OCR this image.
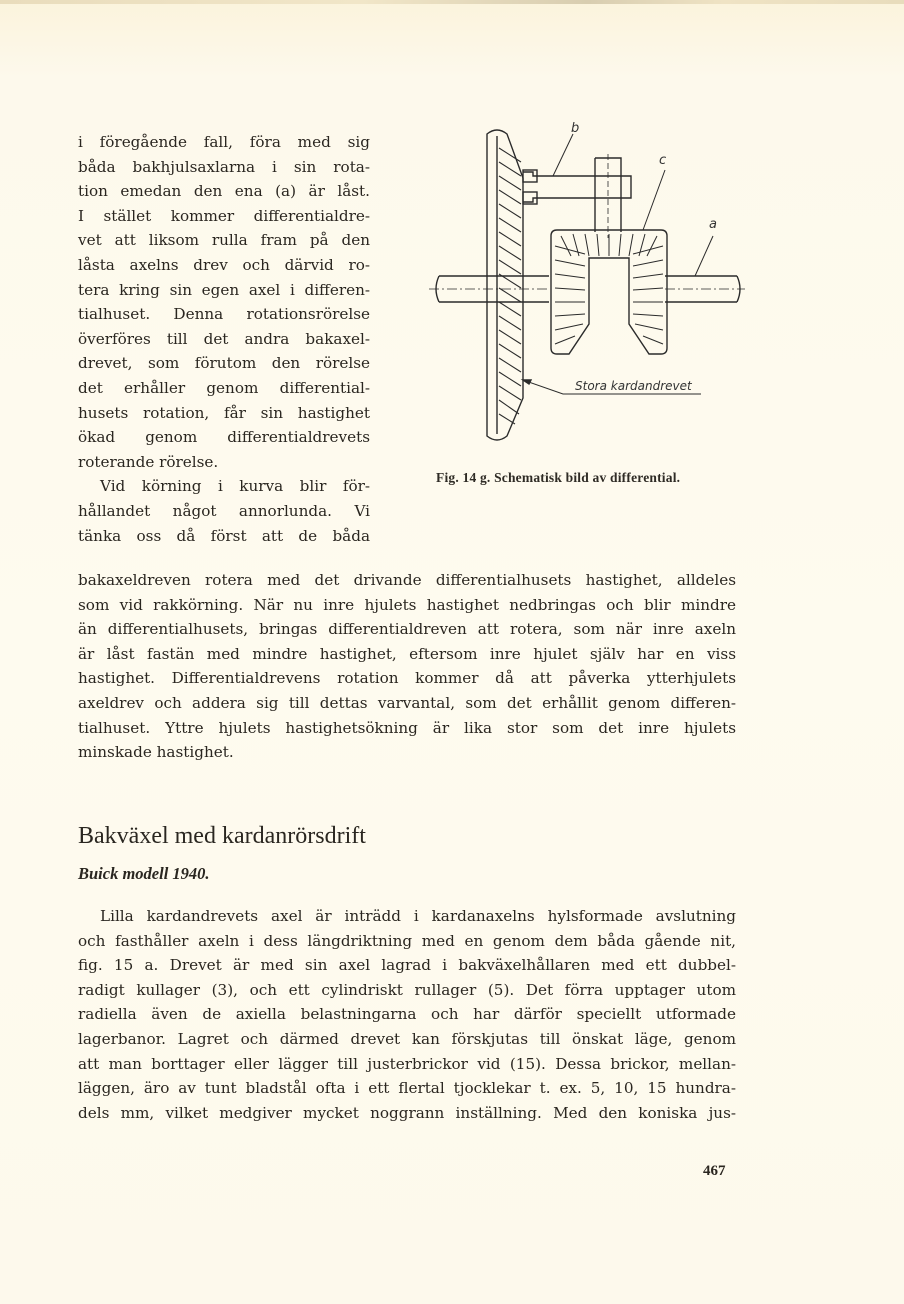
i föregående fall, föra med sig
båda bakhjulsaxlarna i sin rota-
tion emedan den ena (a) är låst.
I stället kommer differentialdre-
vet att liksom rulla fram på den
låsta axelns drev och därvid ro-
tera kring sin egen axel i differen-
tialhuset. Denna rotationsrörelse
överföres till det andra bakaxel-
drevet, som förutom den rörelse
det erhåller genom differential-
husets rotation, får sin hastighet
ökad genom differentialdrevets
roterande rörelse.
Vid körning i kurva blir för-
hållandet något annorlunda. Vi
tänka oss då först att de båda
b
c
a
Stora kardandrevet
Fig. 14 g. Schematisk bild av differential.
bakaxeldreven rotera med det drivande differentialhusets hastighet, alldeles
som vid rakkörning. När nu inre hjulets hastighet nedbringas och blir mindre
än differentialhusets, bringas differentialdreven att rotera, som när inre axeln
är låst fastän med mindre hastighet, eftersom inre hjulet själv har en viss
hastighet. Differentialdrevens rotation kommer då att påverka ytterhjulets
axeldrev och addera sig till dettas varvantal, som det erhållit genom differen-
tialhuset. Yttre hjulets hastighetsökning är lika stor som det inre hjulets
minskade hastighet.
Bakväxel med kardanrörsdrift
Buick modell 1940.
Lilla kardandrevets axel är inträdd i kardanaxelns hylsformade avslutning
och fasthåller axeln i dess längdriktning med en genom dem båda gående nit,
fig. 15 a. Drevet är med sin axel lagrad i bakväxelhållaren med ett dubbel-
radigt kullager (3), och ett cylindriskt rullager (5). Det förra upptager utom
radiella även de axiella belastningarna och har därför speciellt utformade
lagerbanor. Lagret och därmed drevet kan förskjutas till önskat läge, genom
att man borttager eller lägger till justerbrickor vid (15). Dessa brickor, mellan-
läggen, äro av tunt bladstål ofta i ett flertal tjocklekar t. ex. 5, 10, 15 hundra-
dels mm, vilket medgiver mycket noggrann inställning. Med den koniska jus-
467
